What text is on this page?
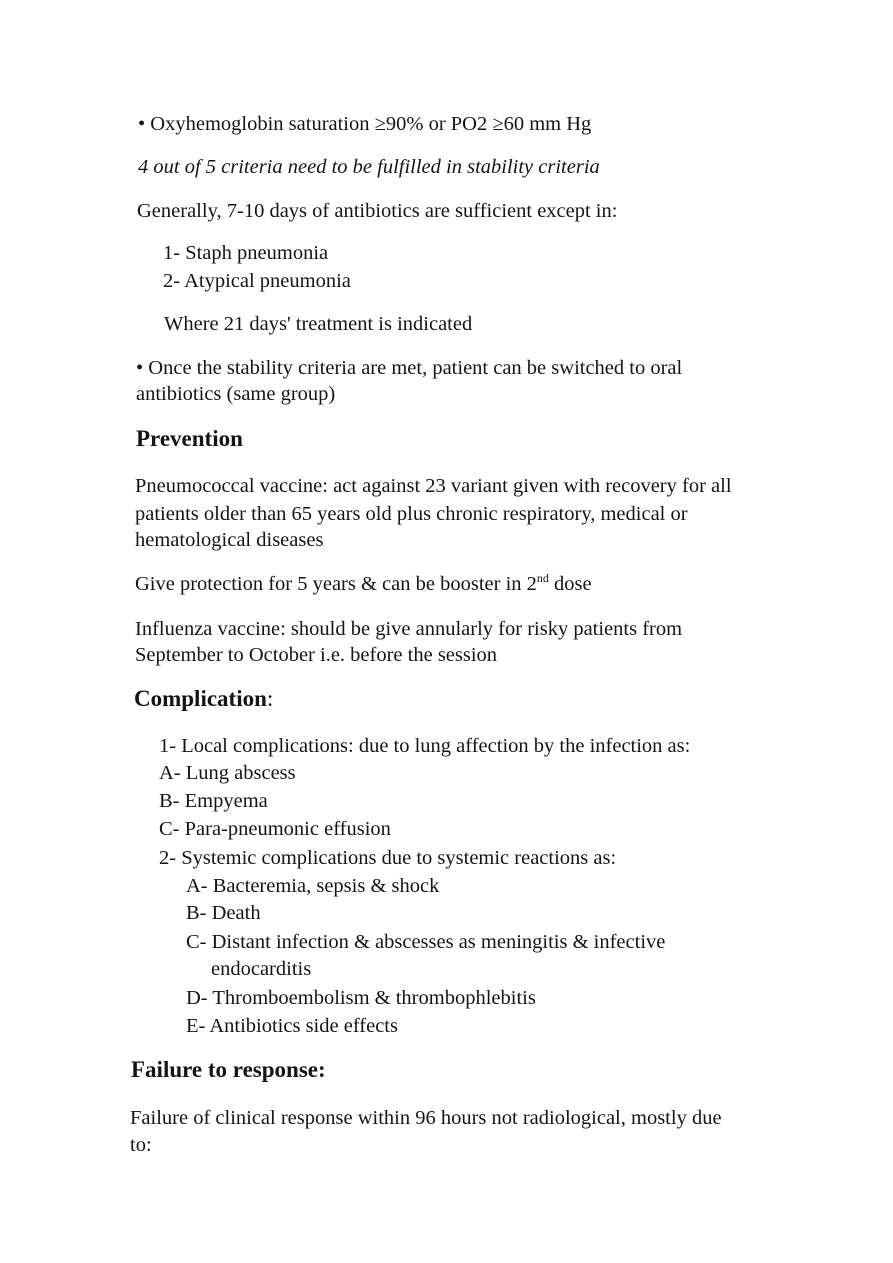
• Oxyhemoglobin saturation ≥90% or PO2 ≥60 mm Hg
4 out of 5 criteria need to be fulfilled in stability criteria
Generally, 7-10 days of antibiotics are sufficient except in:
1- Staph pneumonia
2- Atypical pneumonia
Where 21 days' treatment is indicated
• Once the stability criteria are met, patient can be switched to oral
antibiotics (same group)
Prevention
Pneumococcal vaccine: act against 23 variant given with recovery for all
patients older than 65 years old plus chronic respiratory, medical or
hematological diseases
Give protection for 5 years & can be booster in 2nd dose
Influenza vaccine: should be give annularly for risky patients from
September to October i.e. before the session
Complication:
1- Local complications: due to lung affection by the infection as:
A- Lung abscess
B- Empyema
C- Para-pneumonic effusion
2- Systemic complications due to systemic reactions as:
A- Bacteremia, sepsis & shock
B- Death
C- Distant infection & abscesses as meningitis & infective
endocarditis
D- Thromboembolism & thrombophlebitis
E- Antibiotics side effects
Failure to response:
Failure of clinical response within 96 hours not radiological, mostly due
to:
